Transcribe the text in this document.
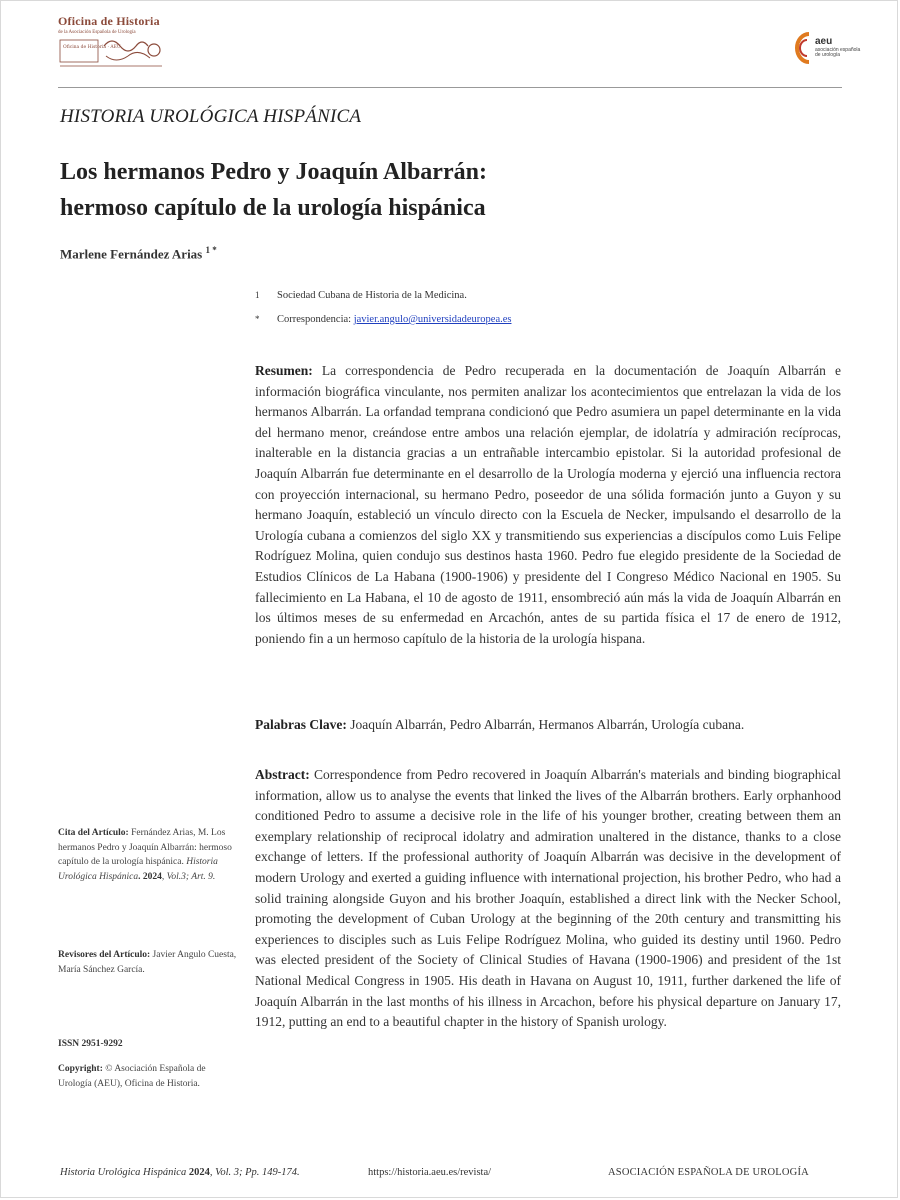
Oficina de Historia
de la Asociación Española de Urología
Oficina de Historia · AEU
aeu
asociación española de urología
HISTORIA UROLÓGICA HISPÁNICA
Los hermanos Pedro y Joaquín Albarrán:
hermoso capítulo de la urología hispánica
Marlene Fernández Arias $^{1 *}$
1 Sociedad Cubana de Historia de la Medicina.
* Correspondencia: javier.angulo@universidadeuropea.es
Resumen: La correspondencia de Pedro recuperada en la documentación de Joaquín Albarrán e información biográfica vinculante, nos permiten analizar los acontecimientos que entrelazan la vida de los hermanos Albarrán. La orfandad temprana condicionó que Pedro asumiera un papel determinante en la vida del hermano menor, creándose entre ambos una relación ejemplar, de idolatría y admiración recíprocas, inalterable en la distancia gracias a un entrañable intercambio epistolar. Si la autoridad profesional de Joaquín Albarrán fue determinante en el desarrollo de la Urología moderna y ejerció una influencia rectora con proyección internacional, su hermano Pedro, poseedor de una sólida formación junto a Guyon y su hermano Joaquín, estableció un vínculo directo con la Escuela de Necker, impulsando el desarrollo de la Urología cubana a comienzos del siglo XX y transmitiendo sus experiencias a discípulos como Luis Felipe Rodríguez Molina, quien condujo sus destinos hasta 1960. Pedro fue elegido presidente de la Sociedad de Estudios Clínicos de La Habana (1900-1906) y presidente del I Congreso Médico Nacional en 1905. Su fallecimiento en La Habana, el 10 de agosto de 1911, ensombreció aún más la vida de Joaquín Albarrán en los últimos meses de su enfermedad en Arcachón, antes de su partida física el 17 de enero de 1912, poniendo fin a un hermoso capítulo de la historia de la urología hispana.
Palabras Clave: Joaquín Albarrán, Pedro Albarrán, Hermanos Albarrán, Urología cubana.
Abstract: Correspondence from Pedro recovered in Joaquín Albarrán's materials and binding biographical information, allow us to analyse the events that linked the lives of the Albarrán brothers. Early orphanhood conditioned Pedro to assume a decisive role in the life of his younger brother, creating between them an exemplary relationship of reciprocal idolatry and admiration unaltered in the distance, thanks to a close exchange of letters. If the professional authority of Joaquín Albarrán was decisive in the development of modern Urology and exerted a guiding influence with international projection, his brother Pedro, who had a solid training alongside Guyon and his brother Joaquín, established a direct link with the Necker School, promoting the development of Cuban Urology at the beginning of the 20th century and transmitting his experiences to disciples such as Luis Felipe Rodríguez Molina, who guided its destiny until 1960. Pedro was elected president of the Society of Clinical Studies of Havana (1900-1906) and president of the 1st National Medical Congress in 1905. His death in Havana on August 10, 1911, further darkened the life of Joaquín Albarrán in the last months of his illness in Arcachon, before his physical departure on January 17, 1912, putting an end to a beautiful chapter in the history of Spanish urology.
Cita del Artículo: Fernández Arias, M. Los hermanos Pedro y Joaquín Albarrán: hermoso capítulo de la urología hispánica. Historia Urológica Hispánica. 2024, Vol.3; Art. 9.
Revisores del Artículo: Javier Angulo Cuesta, María Sánchez García.
ISSN 2951-9292
Copyright: © Asociación Española de Urología (AEU), Oficina de Historia.
Historia Urológica Hispánica 2024, Vol. 3; Pp. 149-174.	https://historia.aeu.es/revista/	ASOCIACIÓN ESPAÑOLA DE UROLOGÍA
